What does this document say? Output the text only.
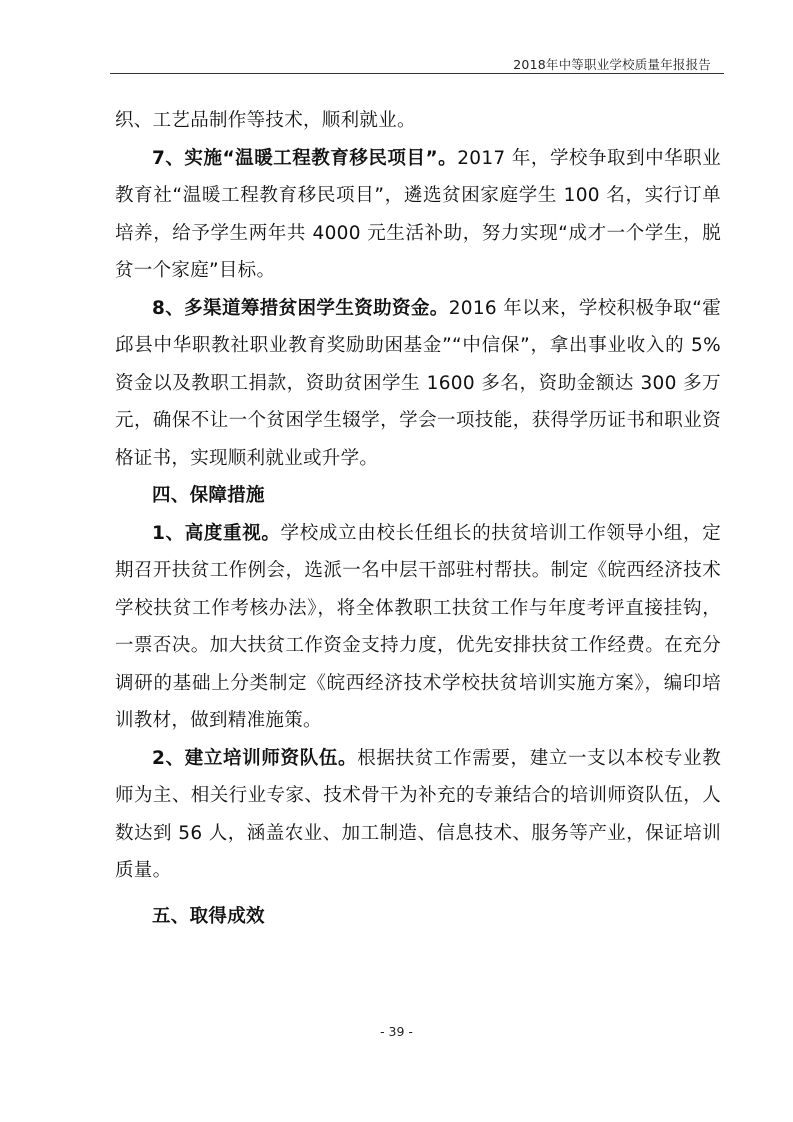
2018年中等职业学校质量年报报告

织、工艺品制作等技术，顺利就业。

7、实施“温暖工程教育移民项目”。2017 年，学校争取到中华职业教育社“温暖工程教育移民项目”，遴选贫困家庭学生 100 名，实行订单培养，给予学生两年共 4000 元生活补助，努力实现“成才一个学生，脱贫一个家庭”目标。

8、多渠道筹措贫困学生资助资金。2016 年以来，学校积极争取“霍邱县中华职教社职业教育奖励助困基金”“中信保”，拿出事业收入的 5%资金以及教职工捐款，资助贫困学生 1600 多名，资助金额达 300 多万元，确保不让一个贫困学生辍学，学会一项技能，获得学历证书和职业资格证书，实现顺利就业或升学。

四、保障措施

1、高度重视。学校成立由校长任组长的扶贫培训工作领导小组，定期召开扶贫工作例会，选派一名中层干部驻村帮扶。制定《皖西经济技术学校扶贫工作考核办法》，将全体教职工扶贫工作与年度考评直接挂钩，一票否决。加大扶贫工作资金支持力度，优先安排扶贫工作经费。在充分调研的基础上分类制定《皖西经济技术学校扶贫培训实施方案》，编印培训教材，做到精准施策。

2、建立培训师资队伍。根据扶贫工作需要，建立一支以本校专业教师为主、相关行业专家、技术骨干为补充的专兼结合的培训师资队伍，人数达到 56 人，涵盖农业、加工制造、信息技术、服务等产业，保证培训质量。

五、取得成效

- 39 -
